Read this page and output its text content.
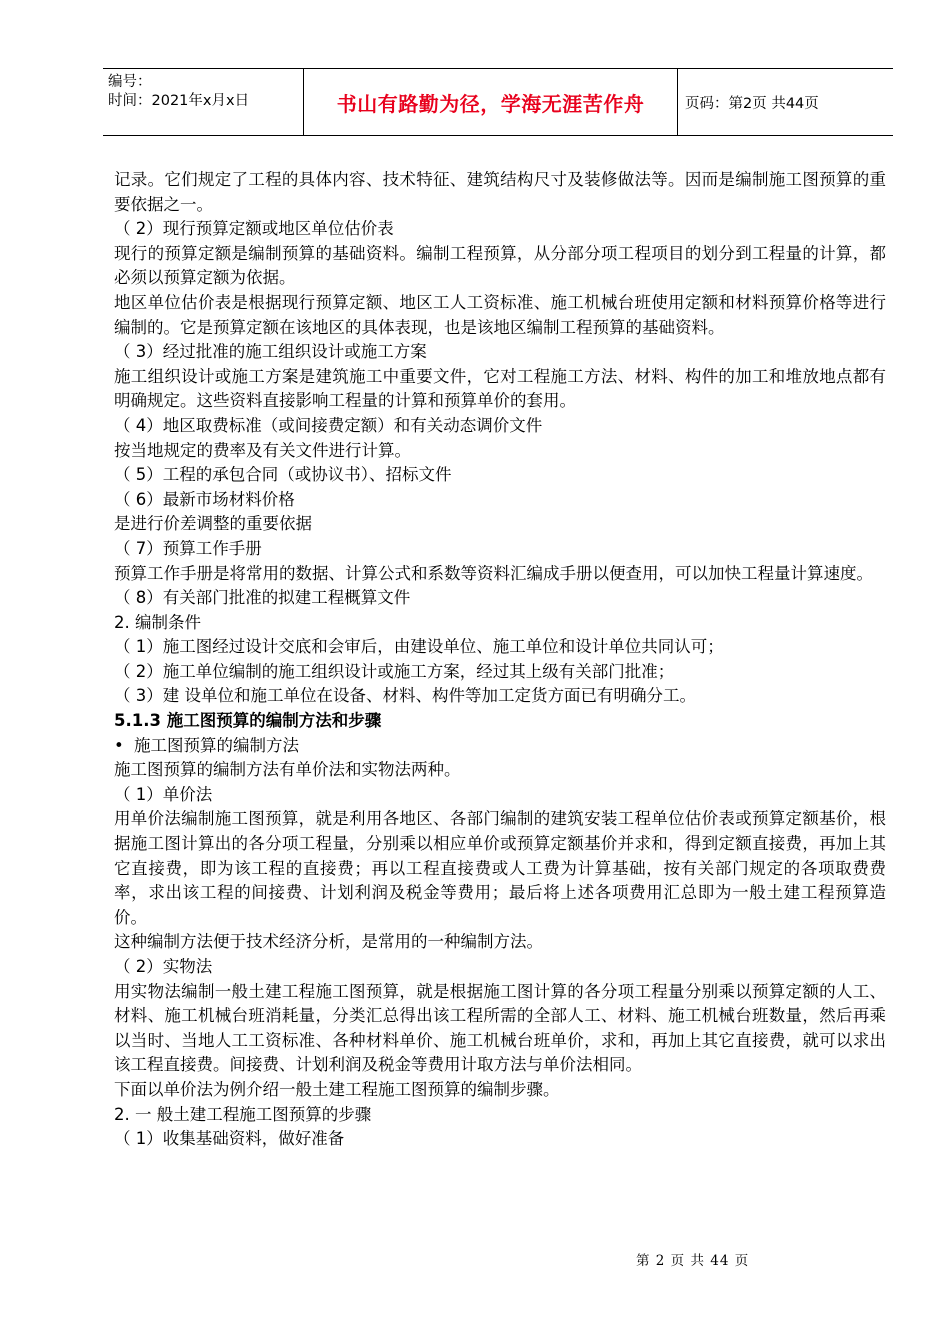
编号：
时间：2021年x月x日	书山有路勤为径，学海无涯苦作舟	页码：第2页 共44页

记录。它们规定了工程的具体内容、技术特征、建筑结构尺寸及装修做法等。因而是编制施工图预算的重要依据之一。

（ 2）现行预算定额或地区单位估价表

现行的预算定额是编制预算的基础资料。编制工程预算，从分部分项工程项目的划分到工程量的计算，都必须以预算定额为依据。

地区单位估价表是根据现行预算定额、地区工人工资标准、施工机械台班使用定额和材料预算价格等进行编制的。它是预算定额在该地区的具体表现，也是该地区编制工程预算的基础资料。

（ 3）经过批准的施工组织设计或施工方案

施工组织设计或施工方案是建筑施工中重要文件，它对工程施工方法、材料、构件的加工和堆放地点都有明确规定。这些资料直接影响工程量的计算和预算单价的套用。

（ 4）地区取费标准（或间接费定额）和有关动态调价文件

按当地规定的费率及有关文件进行计算。

（ 5）工程的承包合同（或协议书）、招标文件

（ 6）最新市场材料价格

是进行价差调整的重要依据

（ 7）预算工作手册

预算工作手册是将常用的数据、计算公式和系数等资料汇编成手册以便查用，可以加快工程量计算速度。

（ 8）有关部门批准的拟建工程概算文件

2. 编制条件

（ 1）施工图经过设计交底和会审后，由建设单位、施工单位和设计单位共同认可；

（ 2）施工单位编制的施工组织设计或施工方案，经过其上级有关部门批准；

（ 3）建 设单位和施工单位在设备、材料、构件等加工定货方面已有明确分工。

5.1.3 施工图预算的编制方法和步骤

• 施工图预算的编制方法

施工图预算的编制方法有单价法和实物法两种。

（ 1）单价法

用单价法编制施工图预算，就是利用各地区、各部门编制的建筑安装工程单位估价表或预算定额基价，根据施工图计算出的各分项工程量，分别乘以相应单价或预算定额基价并求和，得到定额直接费，再加上其它直接费，即为该工程的直接费；再以工程直接费或人工费为计算基础，按有关部门规定的各项取费费率，求出该工程的间接费、计划利润及税金等费用；最后将上述各项费用汇总即为一般土建工程预算造价。

这种编制方法便于技术经济分析，是常用的一种编制方法。

（ 2）实物法

用实物法编制一般土建工程施工图预算，就是根据施工图计算的各分项工程量分别乘以预算定额的人工、材料、施工机械台班消耗量，分类汇总得出该工程所需的全部人工、材料、施工机械台班数量，然后再乘以当时、当地人工工资标准、各种材料单价、施工机械台班单价，求和，再加上其它直接费，就可以求出该工程直接费。间接费、计划利润及税金等费用计取方法与单价法相同。

下面以单价法为例介绍一般土建工程施工图预算的编制步骤。

2. 一 般土建工程施工图预算的步骤

（ 1）收集基础资料，做好准备

第 2 页 共 44 页
